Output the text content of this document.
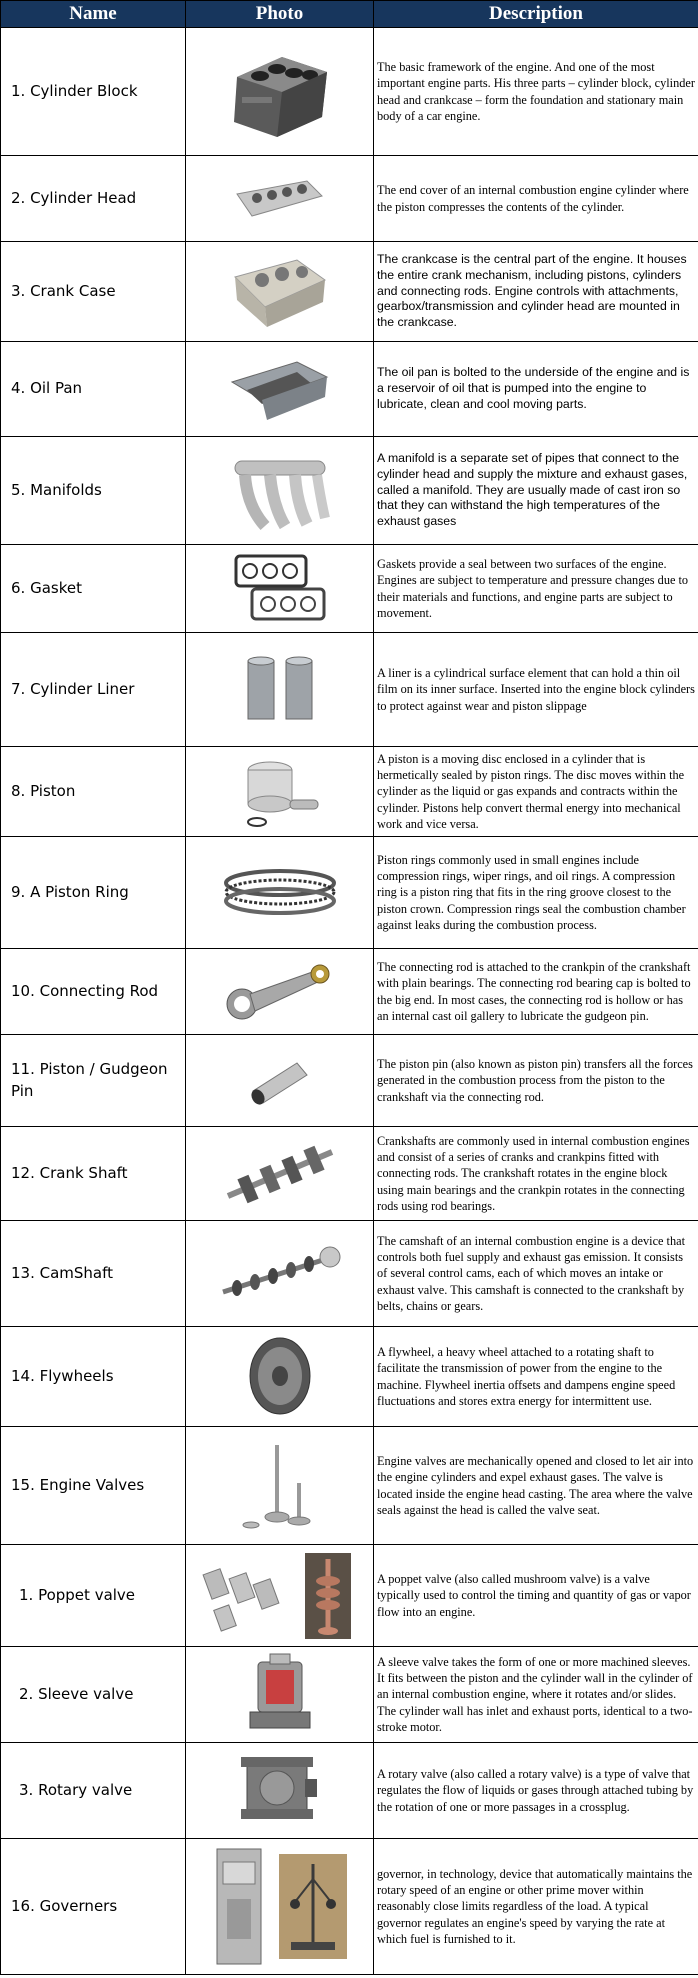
Name	Photo	Description
1. Cylinder Block		The basic framework of the engine. And one of the most important engine parts. His three parts – cylinder block, cylinder head and crankcase – form the foundation and stationary main body of a car engine.
2. Cylinder Head		The end cover of an internal combustion engine cylinder where the piston compresses the contents of the cylinder.
3. Crank Case		The crankcase is the central part of the engine. It houses the entire crank mechanism, including pistons, cylinders and connecting rods. Engine controls with attachments, gearbox/transmission and cylinder head are mounted in the crankcase.
4. Oil Pan		The oil pan is bolted to the underside of the engine and is a reservoir of oil that is pumped into the engine to lubricate, clean and cool moving parts.
5. Manifolds		A manifold is a separate set of pipes that connect to the cylinder head and supply the mixture and exhaust gases, called a manifold. They are usually made of cast iron so that they can withstand the high temperatures of the exhaust gases
6. Gasket		Gaskets provide a seal between two surfaces of the engine. Engines are subject to temperature and pressure changes due to their materials and functions, and engine parts are subject to movement.
7. Cylinder Liner		A liner is a cylindrical surface element that can hold a thin oil film on its inner surface. Inserted into the engine block cylinders to protect against wear and piston slippage
8. Piston		A piston is a moving disc enclosed in a cylinder that is hermetically sealed by piston rings. The disc moves within the cylinder as the liquid or gas expands and contracts within the cylinder. Pistons help convert thermal energy into mechanical work and vice versa.
9. A Piston Ring		Piston rings commonly used in small engines include compression rings, wiper rings, and oil rings. A compression ring is a piston ring that fits in the ring groove closest to the piston crown. Compression rings seal the combustion chamber against leaks during the combustion process.
10. Connecting Rod		The connecting rod is attached to the crankpin of the crankshaft with plain bearings. The connecting rod bearing cap is bolted to the big end. In most cases, the connecting rod is hollow or has an internal cast oil gallery to lubricate the gudgeon pin.
11. Piston / Gudgeon Pin		The piston pin (also known as piston pin) transfers all the forces generated in the combustion process from the piston to the crankshaft via the connecting rod.
12. Crank Shaft		Crankshafts are commonly used in internal combustion engines and consist of a series of cranks and crankpins fitted with connecting rods. The crankshaft rotates in the engine block using main bearings and the crankpin rotates in the connecting rods using rod bearings.
13. CamShaft		The camshaft of an internal combustion engine is a device that controls both fuel supply and exhaust gas emission. It consists of several control cams, each of which moves an intake or exhaust valve. This camshaft is connected to the crankshaft by belts, chains or gears.
14. Flywheels		A flywheel, a heavy wheel attached to a rotating shaft to facilitate the transmission of power from the engine to the machine. Flywheel inertia offsets and dampens engine speed fluctuations and stores extra energy for intermittent use.
15. Engine Valves		Engine valves are mechanically opened and closed to let air into the engine cylinders and expel exhaust gases. The valve is located inside the engine head casting. The area where the valve seals against the head is called the valve seat.
1. Poppet valve		A poppet valve (also called mushroom valve) is a valve typically used to control the timing and quantity of gas or vapor flow into an engine.
2. Sleeve valve		A sleeve valve takes the form of one or more machined sleeves. It fits between the piston and the cylinder wall in the cylinder of an internal combustion engine, where it rotates and/or slides. The cylinder wall has inlet and exhaust ports, identical to a two-stroke motor.
3. Rotary valve		A rotary valve (also called a rotary valve) is a type of valve that regulates the flow of liquids or gases through attached tubing by the rotation of one or more passages in a crossplug.
16. Governers		governor, in technology, device that automatically maintains the rotary speed of an engine or other prime mover within reasonably close limits regardless of the load. A typical governor regulates an engine's speed by varying the rate at which fuel is furnished to it.
